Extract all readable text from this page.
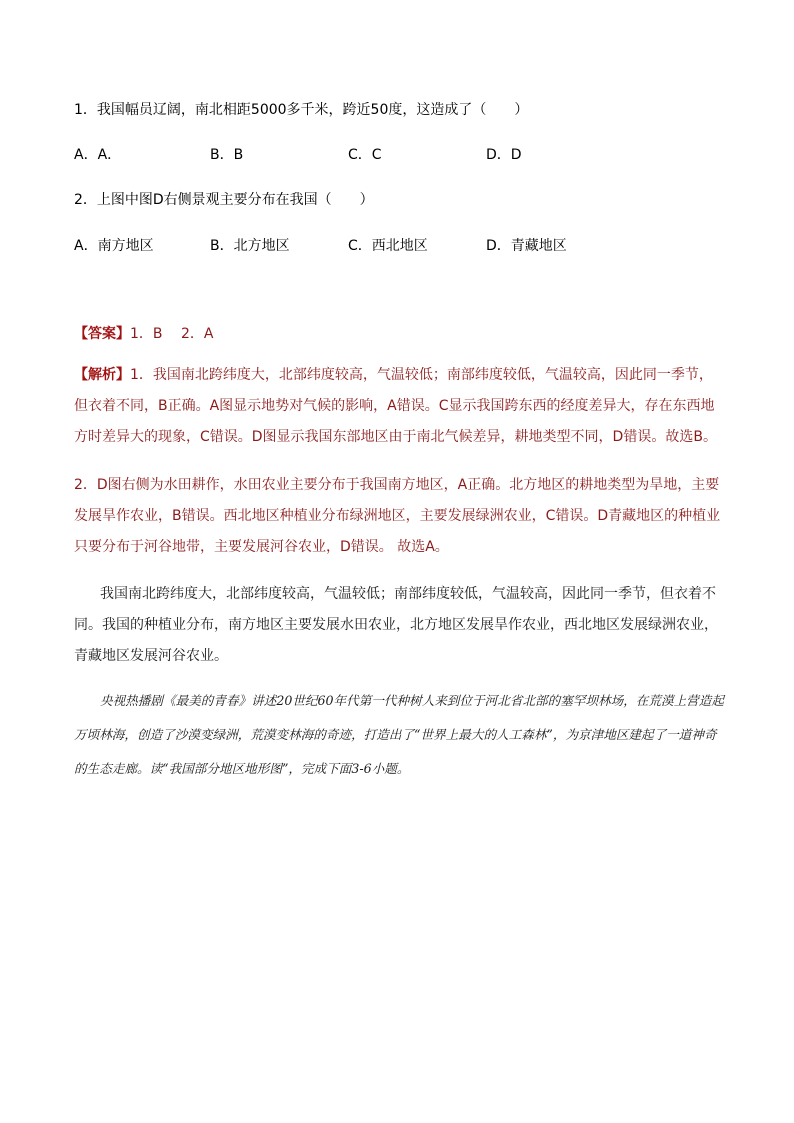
1．我国幅员辽阔，南北相距5000多千米，跨近50度，这造成了（　　）
A．A．	B．B	C．C	D．D
2．上图中图D右侧景观主要分布在我国（　　）
A．南方地区	B．北方地区	C．西北地区	D．青藏地区
【答案】1．B　 2．A
【解析】1．我国南北跨纬度大，北部纬度较高，气温较低；南部纬度较低，气温较高，因此同一季节，但衣着不同，B正确。A图显示地势对气候的影响，A错误。C显示我国跨东西的经度差异大，存在东西地方时差异大的现象，C错误。D图显示我国东部地区由于南北气候差异，耕地类型不同，D错误。故选B。
2．D图右侧为水田耕作，水田农业主要分布于我国南方地区，A正确。北方地区的耕地类型为旱地，主要发展旱作农业，B错误。西北地区种植业分布绿洲地区，主要发展绿洲农业，C错误。D青藏地区的种植业只要分布于河谷地带，主要发展河谷农业，D错误。 故选A。
我国南北跨纬度大，北部纬度较高，气温较低；南部纬度较低，气温较高，因此同一季节，但衣着不同。我国的种植业分布，南方地区主要发展水田农业，北方地区发展旱作农业，西北地区发展绿洲农业，青藏地区发展河谷农业。
央视热播剧《最美的青春》讲述20世纪60年代第一代种树人来到位于河北省北部的塞罕坝林场，在荒漠上营造起万顷林海，创造了沙漠变绿洲，荒漠变林海的奇迹，打造出了“世界上最大的人工森林”，为京津地区建起了一道神奇的生态走廊。读“我国部分地区地形图”，完成下面3-6小题。
